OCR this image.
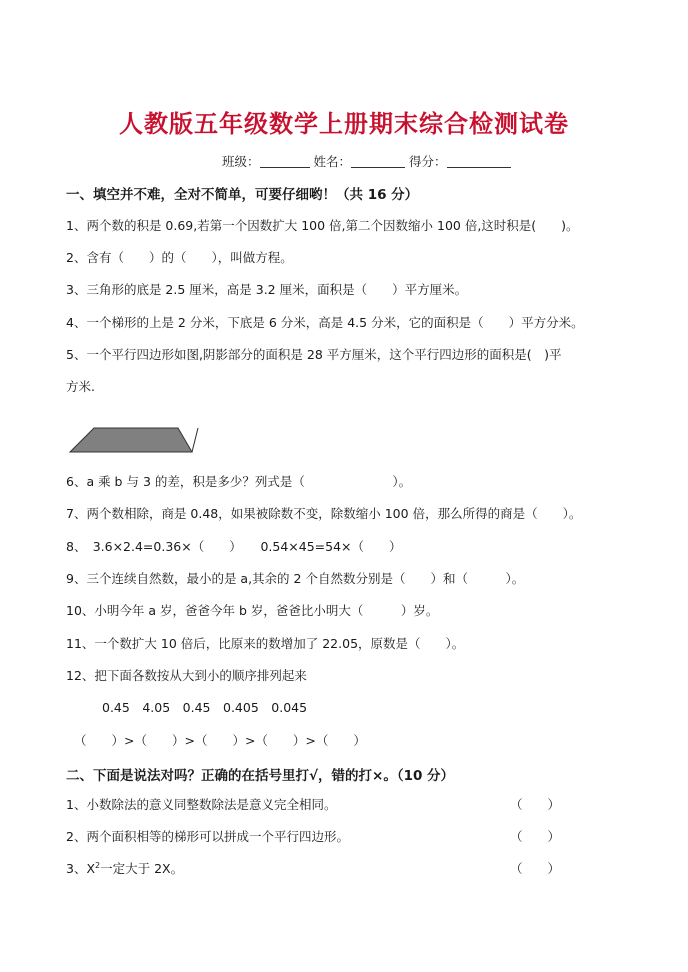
人教版五年级数学上册期末综合检测试卷
班级：	姓名：	得分：
一、填空并不难，全对不简单，可要仔细哟！（共 16 分）
1、两个数的积是 0.69,若第一个因数扩大 100 倍,第二个因数缩小 100 倍,这时积是(　　)。
2、含有（　　）的（　　），叫做方程。
3、三角形的底是 2.5 厘米，高是 3.2 厘米，面积是（　　）平方厘米。
4、一个梯形的上是 2 分米，下底是 6 分米，高是 4.5 分米，它的面积是（　　）平方分米。
5、一个平行四边形如图,阴影部分的面积是 28 平方厘米，这个平行四边形的面积是(　)平
方米.
6、a 乘 b 与 3 的差，积是多少？列式是（　　　　　　　）。
7、两个数相除，商是 0.48，如果被除数不变，除数缩小 100 倍，那么所得的商是（　　）。
8、　3.6×2.4=0.36×（　　）　　0.54×45=54×（　　）
9、三个连续自然数，最小的是 a,其余的 2 个自然数分别是（　　）和（　　　）。
10、小明今年 a 岁，爸爸今年 b 岁，爸爸比小明大（　　　）岁。
11、一个数扩大 10 倍后，比原来的数增加了 22.05，原数是（　　）。
12、把下面各数按从大到小的顺序排列起来
0.45　4.05　0.45　0.405　0.045
（　　）>（　　）>（　　）>（　　）>（　　）
二、下面是说法对吗？正确的在括号里打√，错的打×。（10 分）
1、小数除法的意义同整数除法是意义完全相同。	（　　）
2、两个面积相等的梯形可以拼成一个平行四边形。	（　　）
3、$X^2$一定大于 2X。	（　　）
